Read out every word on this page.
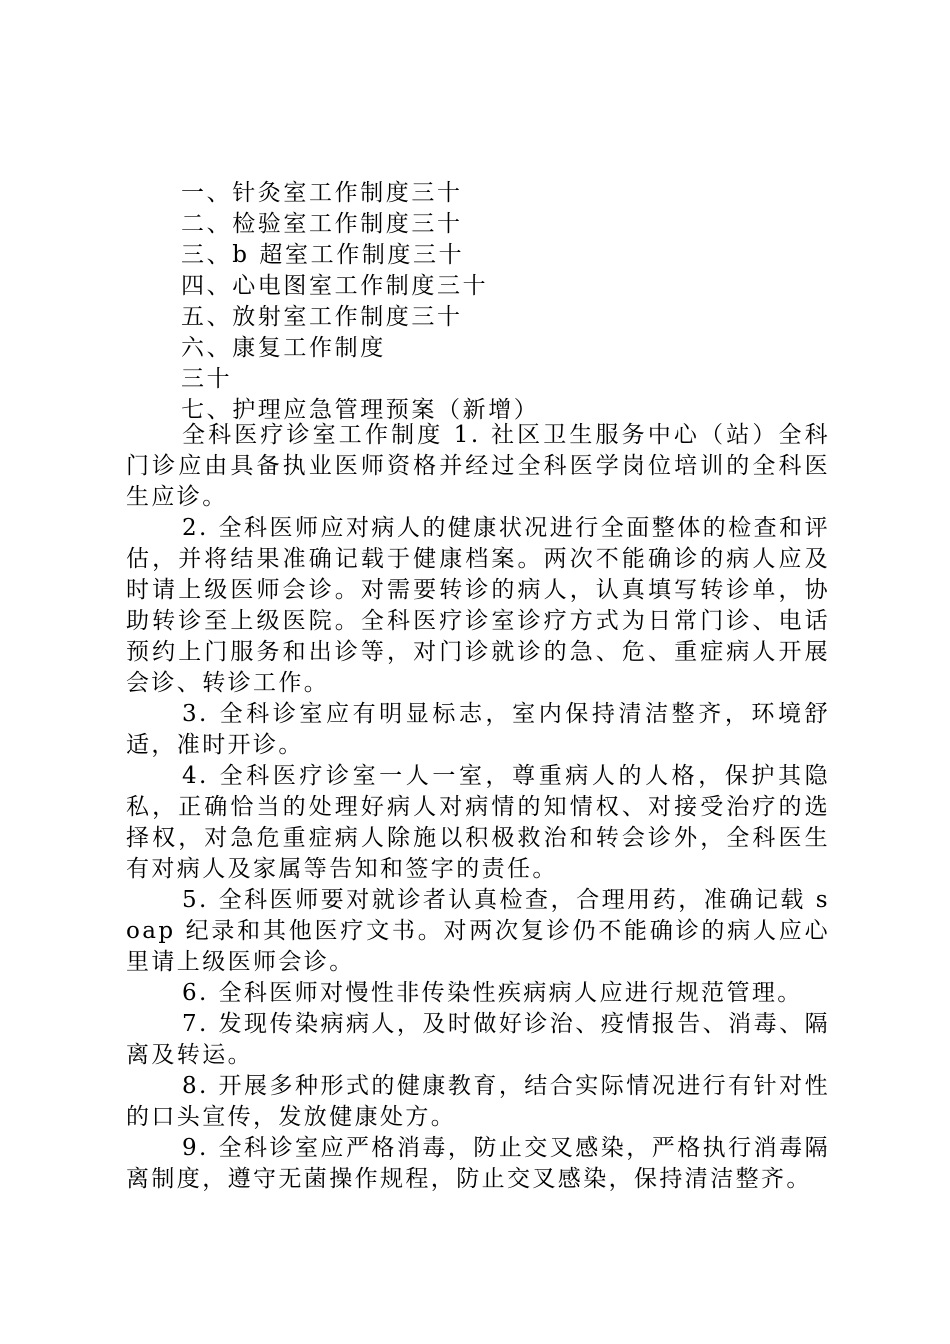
一、针灸室工作制度三十
二、检验室工作制度三十
三、b 超室工作制度三十
四、心电图室工作制度三十
五、放射室工作制度三十
六、康复工作制度
三十
七、护理应急管理预案（新增）

全科医疗诊室工作制度 1. 社区卫生服务中心（站）全科门诊应由具备执业医师资格并经过全科医学岗位培训的全科医生应诊。

2. 全科医师应对病人的健康状况进行全面整体的检查和评估，并将结果准确记载于健康档案。两次不能确诊的病人应及时请上级医师会诊。对需要转诊的病人，认真填写转诊单，协助转诊至上级医院。全科医疗诊室诊疗方式为日常门诊、电话预约上门服务和出诊等，对门诊就诊的急、危、重症病人开展会诊、转诊工作。

3. 全科诊室应有明显标志，室内保持清洁整齐，环境舒适，准时开诊。

4. 全科医疗诊室一人一室，尊重病人的人格，保护其隐私，正确恰当的处理好病人对病情的知情权、对接受治疗的选择权，对急危重症病人除施以积极救治和转会诊外，全科医生有对病人及家属等告知和签字的责任。

5. 全科医师要对就诊者认真检查，合理用药，准确记载 soap 纪录和其他医疗文书。对两次复诊仍不能确诊的病人应心里请上级医师会诊。

6. 全科医师对慢性非传染性疾病病人应进行规范管理。

7. 发现传染病病人，及时做好诊治、疫情报告、消毒、隔离及转运。

8. 开展多种形式的健康教育，结合实际情况进行有针对性的口头宣传，发放健康处方。

9. 全科诊室应严格消毒，防止交叉感染，严格执行消毒隔离制度，遵守无菌操作规程，防止交叉感染，保持清洁整齐。
